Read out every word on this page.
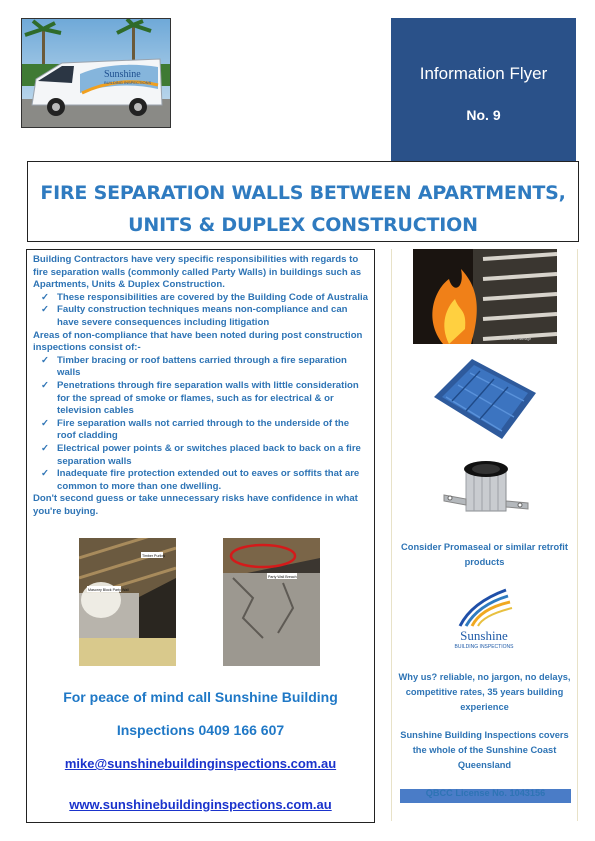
Sunshine
BUILDING INSPECTIONS	Information Flyer
No. 9
FIRE SEPARATION WALLS BETWEEN APARTMENTS,
UNITS & DUPLEX CONSTRUCTION

Building Contractors have very specific responsibilities with regards to fire separation walls (commonly called Party Walls) in buildings such as Apartments, Units & Duplex Construction.

✓ These responsibilities are covered by the Building Code of Australia
✓ Faulty construction techniques means non-compliance and can have severe consequences including litigation

Areas of non-compliance that have been noted during post construction inspections consist of:-

✓ Timber bracing or roof battens carried through a fire separation walls
✓ Penetrations through fire separation walls with little consideration for the spread of smoke or flames, such as for electrical & or television cables
✓ Fire separation walls not carried through to the underside of the roof cladding
✓ Electrical power points & or switches placed back to back on a fire separation walls
✓ Inadequate fire protection extended out to eaves or soffits that are common to more than one dwelling.

Don't second guess or take unnecessary risks have confidence in what you're buying.

Masonry Block Party Wall
Timber Purlins
Party Wall Breach
For peace of mind call Sunshine Building
Inspections 0409 166 607
mike@sunshinebuildinginspections.com.au
www.sunshinebuildinginspections.com.au
Timber fire damage
Consider Promaseal or similar retrofit products
Sunshine
BUILDING INSPECTIONS
Why us? reliable, no jargon, no delays, competitive rates, 35 years building experience
Sunshine Building Inspections covers the whole of the Sunshine Coast Queensland
QBCC License No. 1043156
